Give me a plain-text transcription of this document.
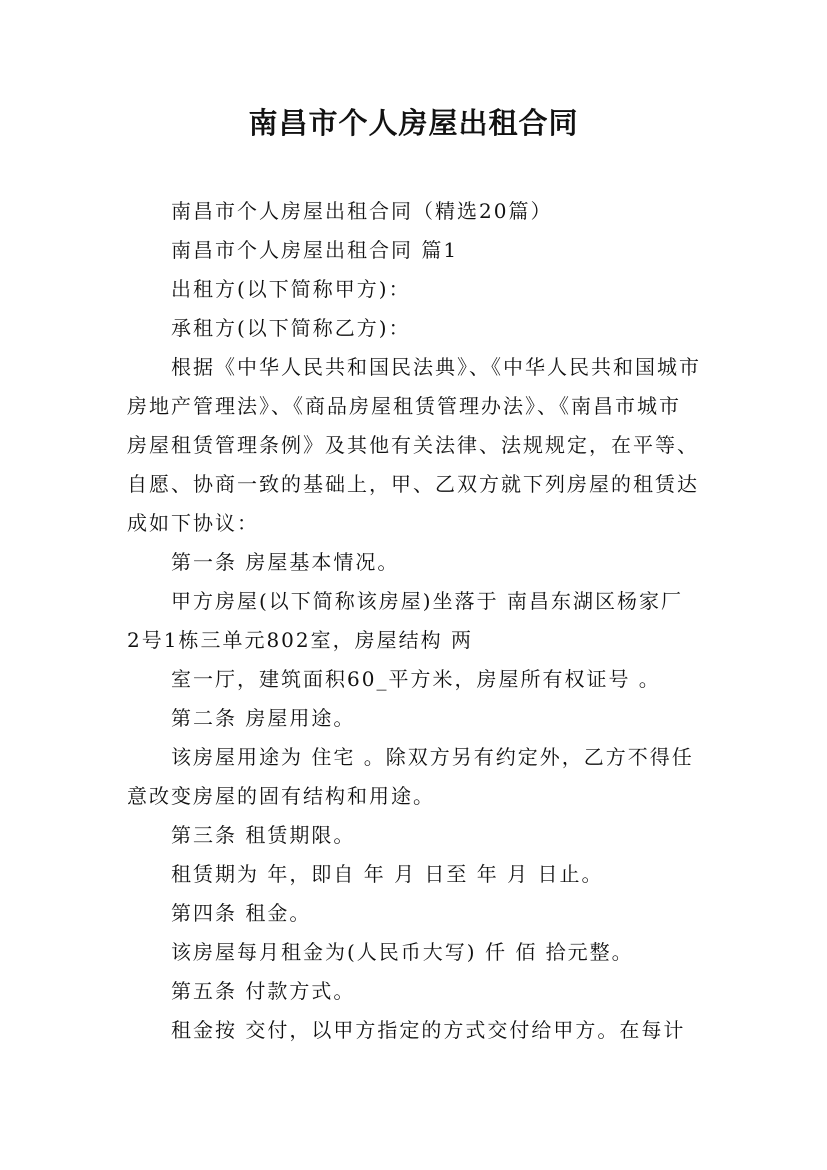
南昌市个人房屋出租合同
南昌市个人房屋出租合同（精选20篇）
南昌市个人房屋出租合同 篇1
出租方(以下简称甲方)：
承租方(以下简称乙方)：
根据《中华人民共和国民法典》、《中华人民共和国城市
房地产管理法》、《商品房屋租赁管理办法》、《南昌市城市
房屋租赁管理条例》及其他有关法律、法规规定，在平等、
自愿、协商一致的基础上，甲、乙双方就下列房屋的租赁达
成如下协议：
第一条 房屋基本情况。
甲方房屋(以下简称该房屋)坐落于 南昌东湖区杨家厂
2号1栋三单元802室，房屋结构 两
室一厅，建筑面积60_平方米，房屋所有权证号 。
第二条 房屋用途。
该房屋用途为 住宅 。除双方另有约定外，乙方不得任
意改变房屋的固有结构和用途。
第三条 租赁期限。
租赁期为 年，即自 年 月 日至 年 月 日止。
第四条 租金。
该房屋每月租金为(人民币大写) 仟 佰 拾元整。
第五条 付款方式。
租金按 交付，以甲方指定的方式交付给甲方。在每计
